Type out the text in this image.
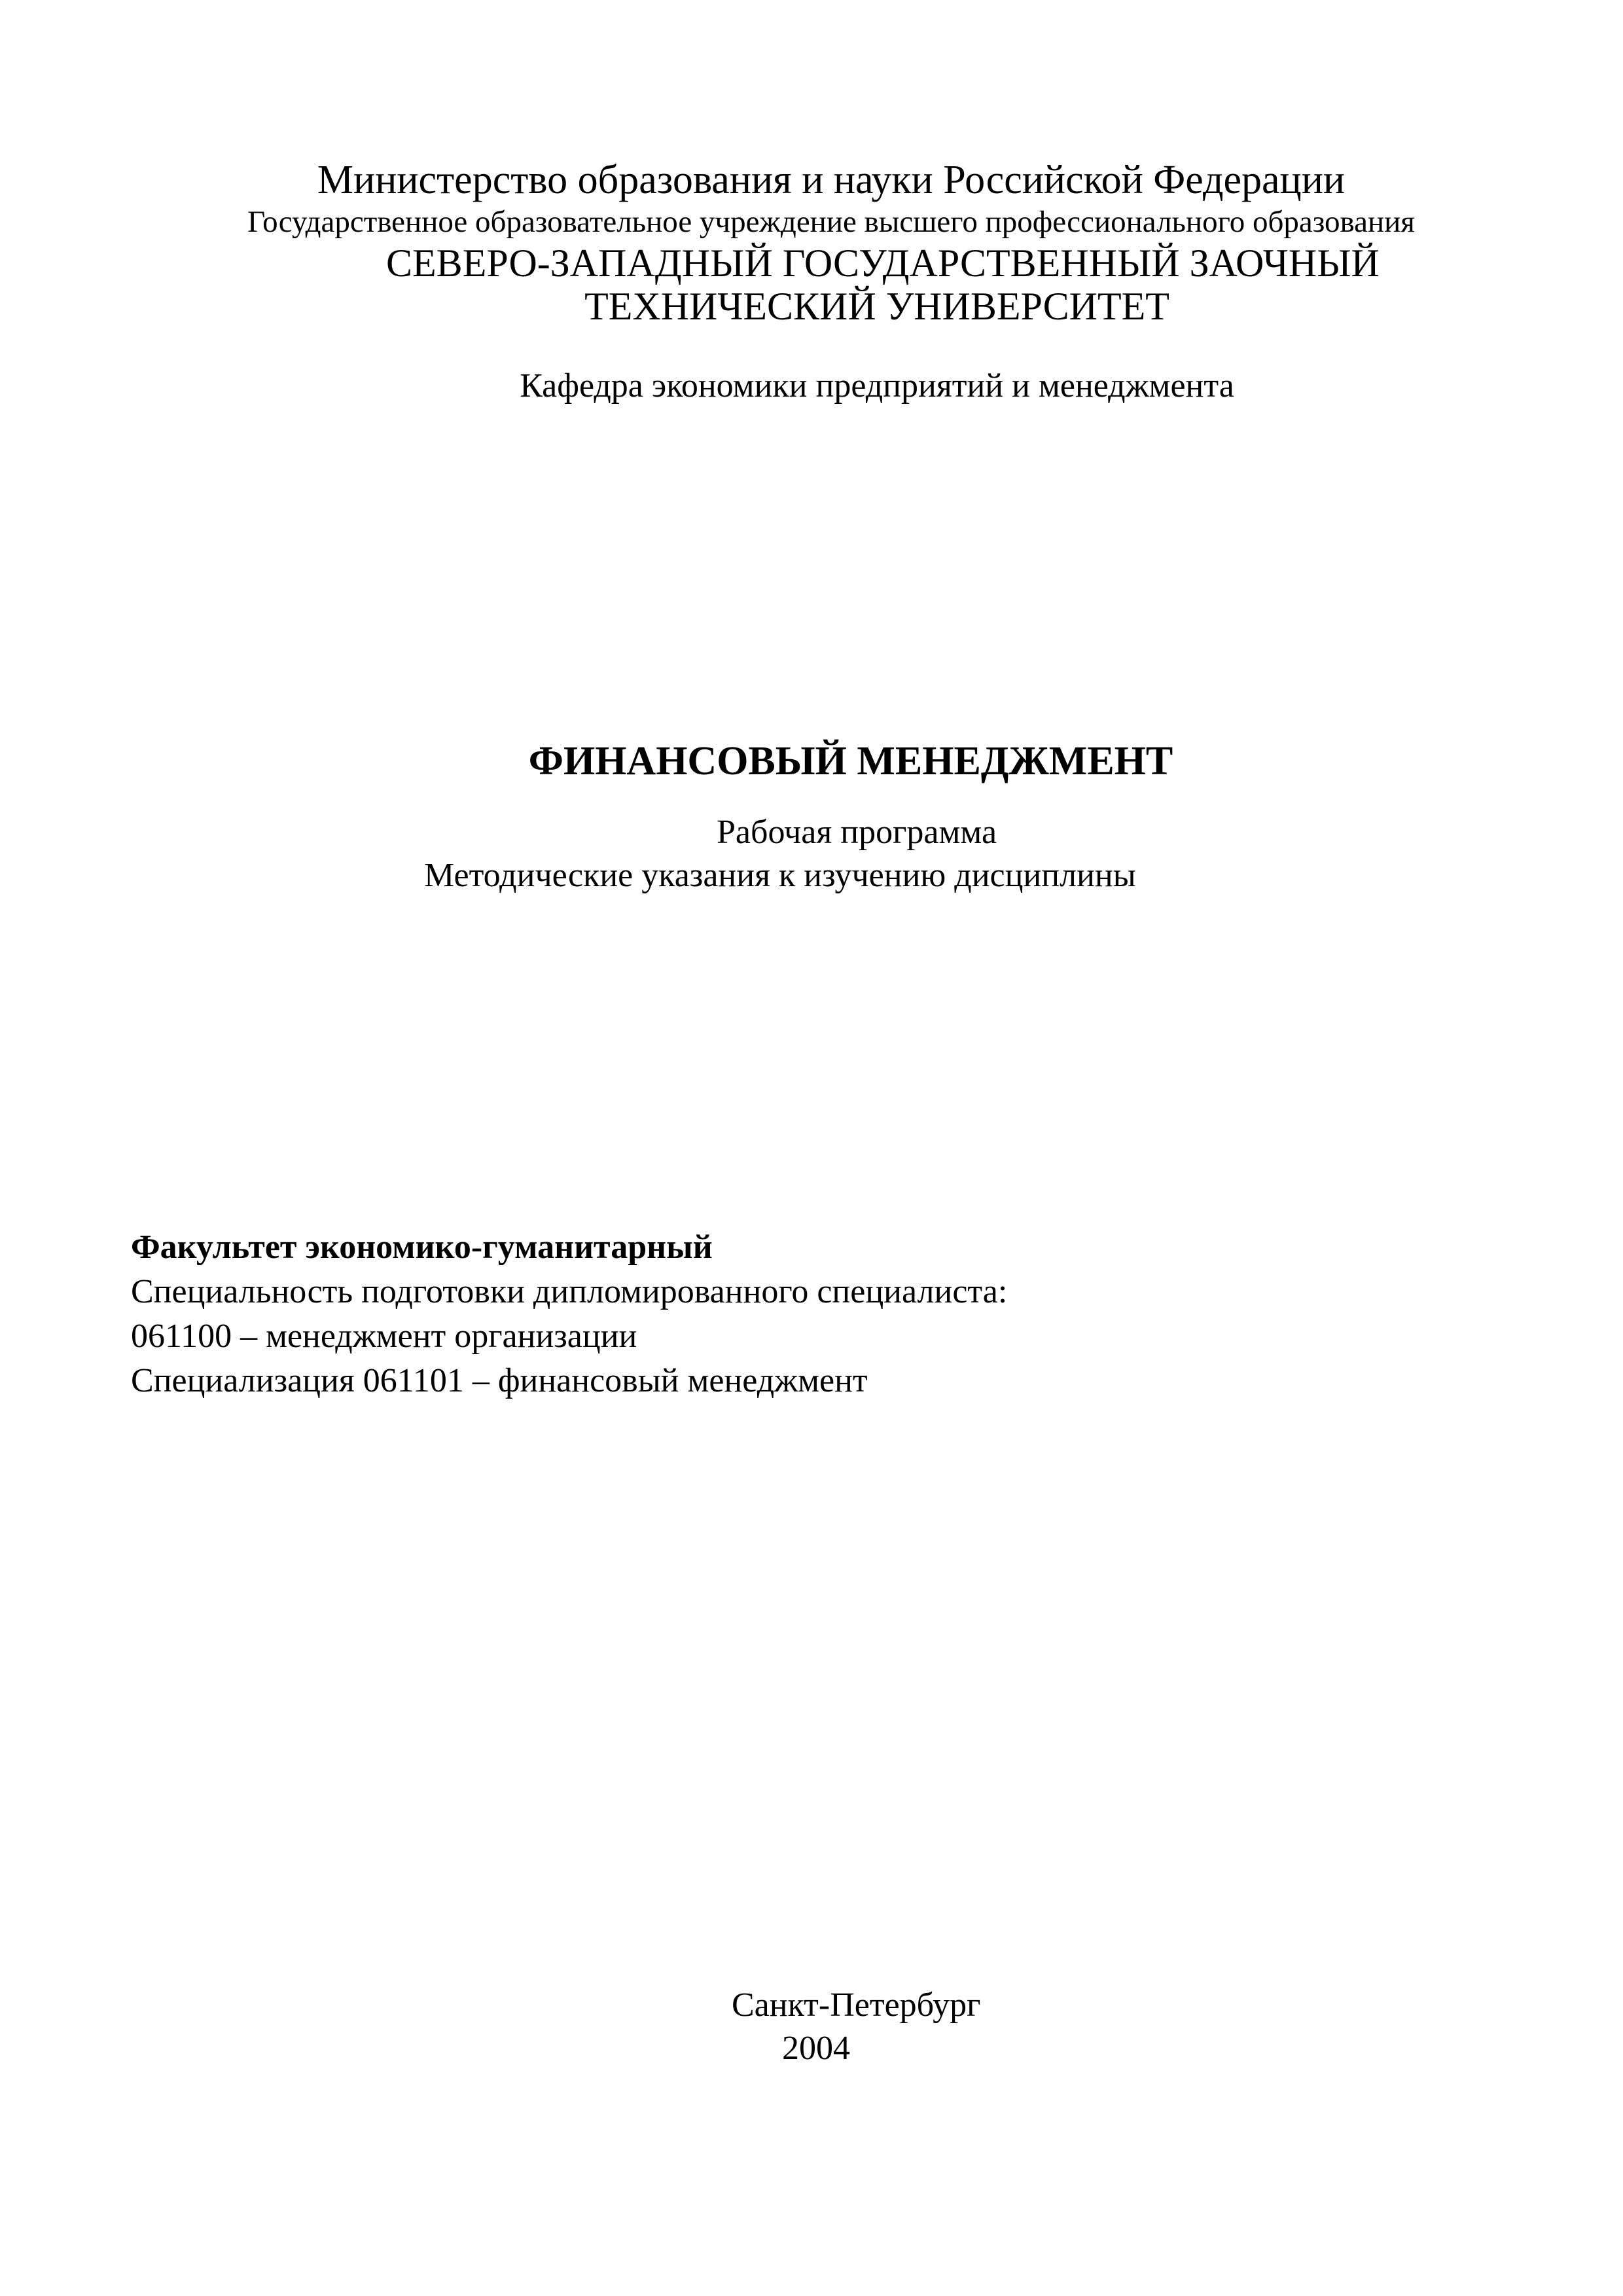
Министерство образования и науки Российской Федерации
Государственное образовательное учреждение высшего профессионального образования
СЕВЕРО-ЗАПАДНЫЙ ГОСУДАРСТВЕННЫЙ ЗАОЧНЫЙ
ТЕХНИЧЕСКИЙ УНИВЕРСИТЕТ
Кафедра экономики предприятий и менеджмента
ФИНАНСОВЫЙ МЕНЕДЖМЕНТ
Рабочая программа
Методические указания к изучению дисциплины
Факультет экономико-гуманитарный
Специальность подготовки дипломированного специалиста:
061100 – менеджмент организации
Специализация 061101 – финансовый менеджмент
Санкт-Петербург
2004
